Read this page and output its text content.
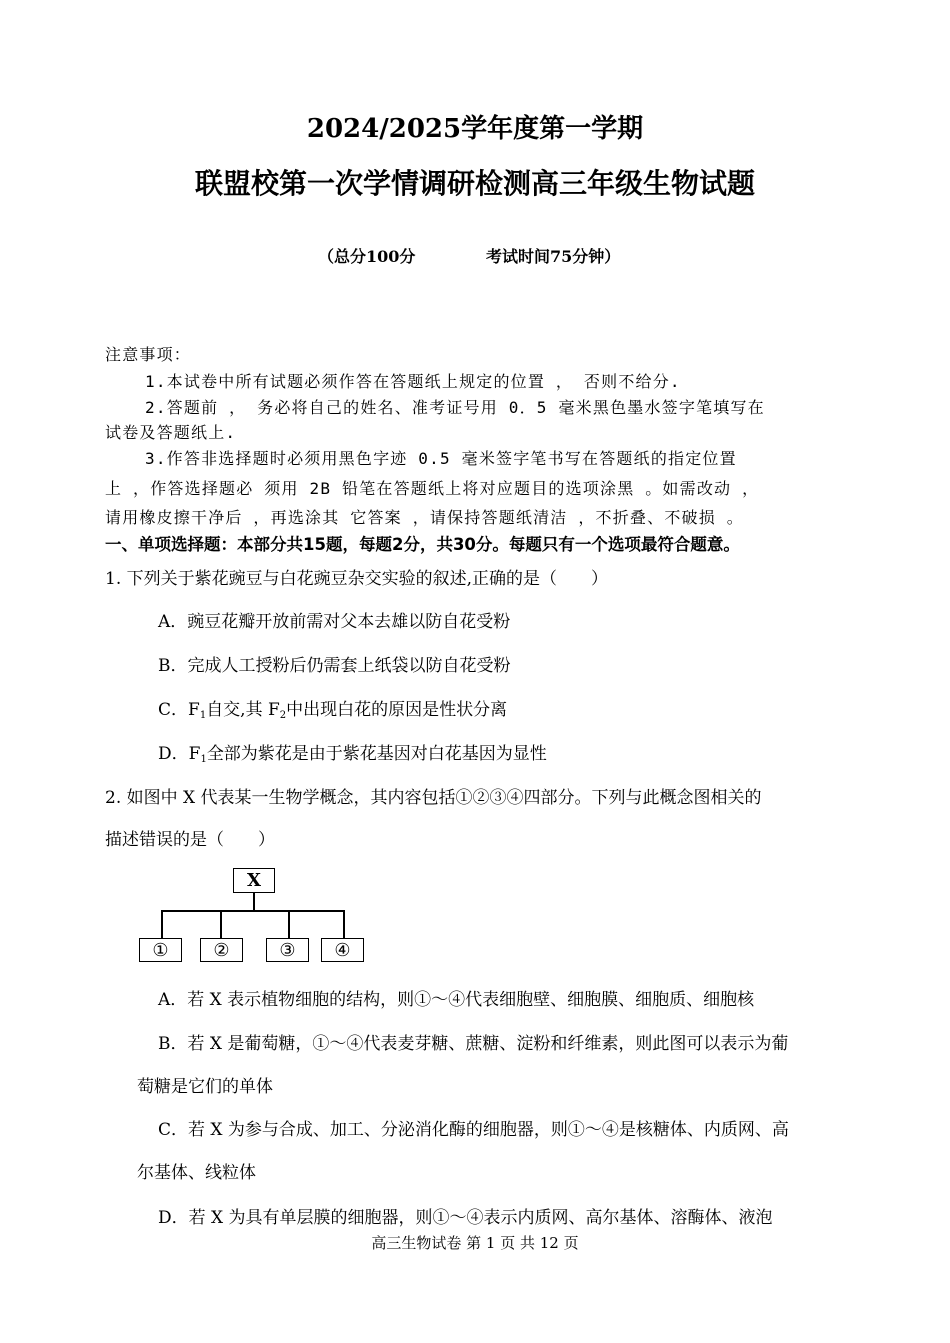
2024/2025学年度第一学期
联盟校第一次学情调研检测高三年级生物试题
（总分100分	考试时间75分钟）
注意事项：
1.本试卷中所有试题必须作答在答题纸上规定的位置 ， 否则不给分.
2.答题前 ， 务必将自己的姓名、准考证号用 0．5 毫米黑色墨水签字笔填写在
试卷及答题纸上.
3.作答非选择题时必须用黑色字迹 0.5 毫米签字笔书写在答题纸的指定位置
上 ，作答选择题必 须用 2B 铅笔在答题纸上将对应题目的选项涂黑 。如需改动 ，
请用橡皮擦干净后 ，再选涂其 它答案 ，请保持答题纸清洁 ，不折叠、不破损 。
一、单项选择题：本部分共15题，每题2分，共30分。每题只有一个选项最符合题意。
1. 下列关于紫花豌豆与白花豌豆杂交实验的叙述,正确的是（　　）
A．豌豆花瓣开放前需对父本去雄以防自花受粉
B．完成人工授粉后仍需套上纸袋以防自花受粉
C．$F_1$自交,其 $F_2$中出现白花的原因是性状分离
D．$F_1$全部为紫花是由于紫花基因对白花基因为显性
2. 如图中 X 代表某一生物学概念，其内容包括①②③④四部分。下列与此概念图相关的
描述错误的是（　　）
X
①	②	③	④
A．若 X 表示植物细胞的结构，则①～④代表细胞壁、细胞膜、细胞质、细胞核
B．若 X 是葡萄糖，①～④代表麦芽糖、蔗糖、淀粉和纤维素，则此图可以表示为葡
萄糖是它们的单体
C．若 X 为参与合成、加工、分泌消化酶的细胞器，则①～④是核糖体、内质网、高
尔基体、线粒体
D．若 X 为具有单层膜的细胞器，则①～④表示内质网、高尔基体、溶酶体、液泡
高三生物试卷 第 1 页 共 12 页
